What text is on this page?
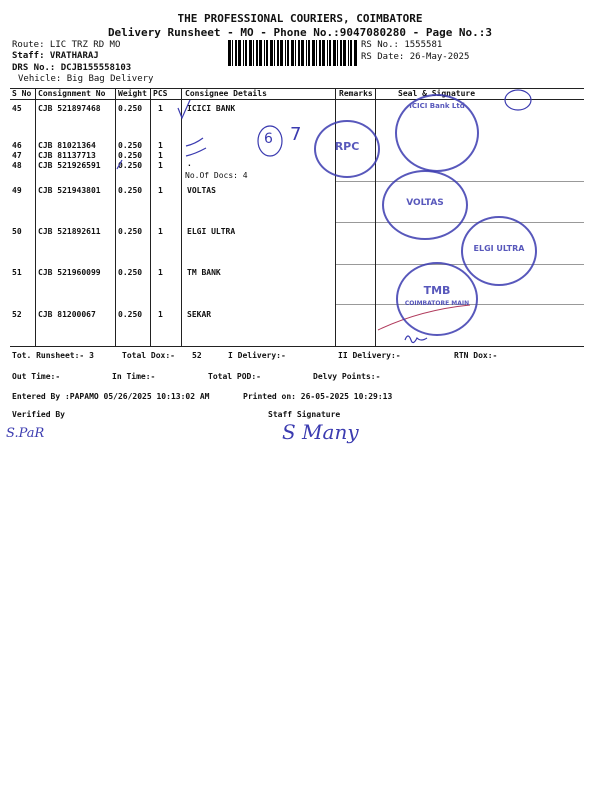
THE PROFESSIONAL COURIERS, COIMBATORE
Delivery Runsheet - MO - Phone No.:9047080280 - Page No.:3
Route: LIC TRZ RD MO
Staff: VRATHARAJ
DRS No.: DCJB155558103
Vehicle: Big Bag Delivery
RS No.: 1555581
RS Date: 26-May-2025
S No Consignment No Weight PCS Consignee Details	Remarks	Seal & Signature
45 CJB 521897468 0.250 1	ICICI BANK
46 CJB 81021364	0.250 1
47 CJB 81137713	0.250 1
48 CJB 521926591 0.250 1	.
No.Of Docs: 4
49 CJB 521943801 0.250 1	VOLTAS
50 CJB 521892611 0.250 1	ELGI ULTRA
51 CJB 521960099 0.250 1	TM BANK
52 CJB 81200067	0.250 1	SEKAR
6 7
RPC
ICICI Bank Ltd
VOLTAS
ELGI ULTRA
TMB
COIMBATORE MAIN
Tot. Runsheet:- 3	Total Dox:- 52	I Delivery:-	II Delivery:-	RTN Dox:-
Out Time:-	In Time:-	Total POD:-	Delvy Points:-
Entered By :PAPAMO 05/26/2025 10:13:02 AM	Printed on: 26-05-2025 10:29:13
Verified By	Staff Signature
S.PaR	S Many
